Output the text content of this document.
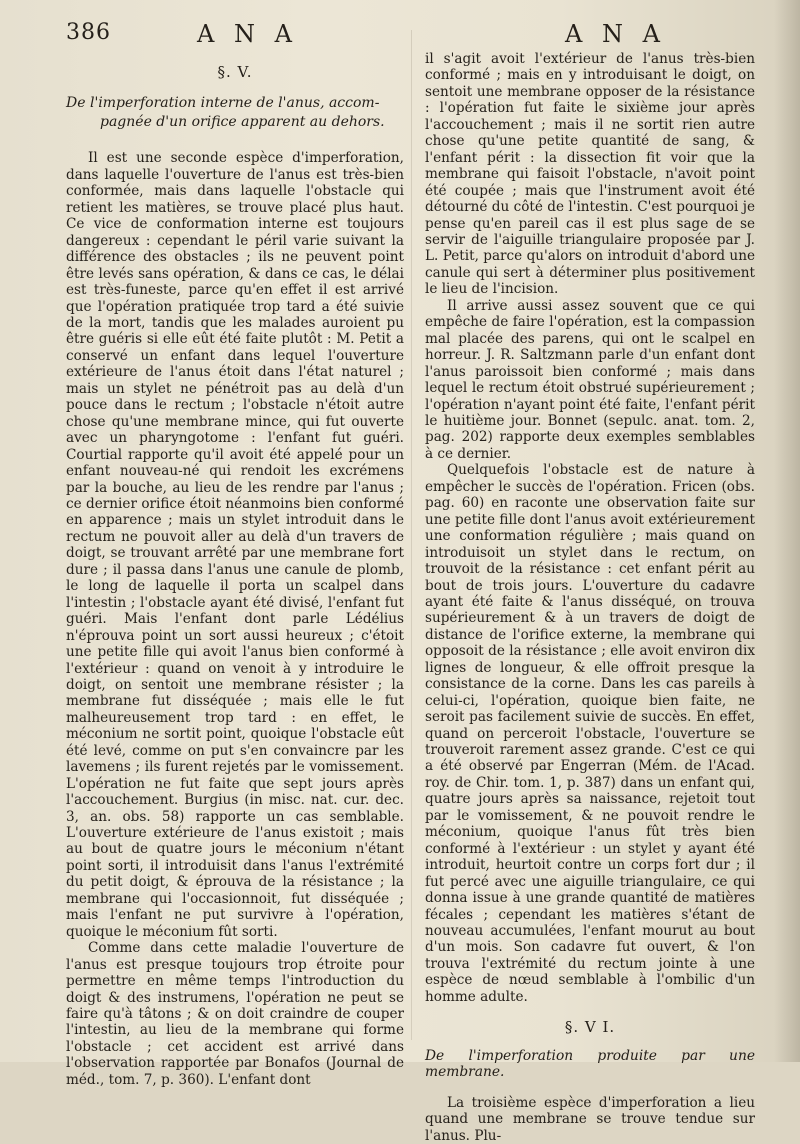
386	A N A	A N A
§. V.
De l'imperforation interne de l'anus, accom-
pagnée d'un orifice apparent au dehors.

Il est une seconde espèce d'imperforation, dans laquelle l'ouverture de l'anus est très-bien conformée, mais dans laquelle l'obstacle qui retient les matières, se trouve placé plus haut. Ce vice de conformation interne est toujours dangereux : cependant le péril varie suivant la différence des obstacles ; ils ne peuvent point être levés sans opération, & dans ce cas, le délai est très-funeste, parce qu'en effet il est arrivé que l'opération pratiquée trop tard a été suivie de la mort, tandis que les malades auroient pu être guéris si elle eût été faite plutôt : M. Petit a conservé un enfant dans lequel l'ouverture extérieure de l'anus étoit dans l'état naturel ; mais un stylet ne pénétroit pas au delà d'un pouce dans le rectum ; l'obstacle n'étoit autre chose qu'une membrane mince, qui fut ouverte avec un pharyngotome : l'enfant fut guéri. Courtial rapporte qu'il avoit été appelé pour un enfant nouveau-né qui rendoit les excrémens par la bouche, au lieu de les rendre par l'anus ; ce dernier orifice étoit néanmoins bien conformé en apparence ; mais un stylet introduit dans le rectum ne pouvoit aller au delà d'un travers de doigt, se trouvant arrêté par une membrane fort dure ; il passa dans l'anus une canule de plomb, le long de laquelle il porta un scalpel dans l'intestin ; l'obstacle ayant été divisé, l'enfant fut guéri. Mais l'enfant dont parle Lédélius n'éprouva point un sort aussi heureux ; c'étoit une petite fille qui avoit l'anus bien conformé à l'extérieur : quand on venoit à y introduire le doigt, on sentoit une membrane résister ; la membrane fut disséquée ; mais elle le fut malheureusement trop tard : en effet, le méconium ne sortit point, quoique l'obstacle eût été levé, comme on put s'en convaincre par les lavemens ; ils furent rejetés par le vomissement. L'opération ne fut faite que sept jours après l'accouchement. Burgius (in misc. nat. cur. dec. 3, an. obs. 58) rapporte un cas semblable. L'ouverture extérieure de l'anus existoit ; mais au bout de quatre jours le méconium n'étant point sorti, il introduisit dans l'anus l'extrémité du petit doigt, & éprouva de la résistance ; la membrane qui l'occasionnoit, fut disséquée ; mais l'enfant ne put survivre à l'opération, quoique le méconium fût sorti.

Comme dans cette maladie l'ouverture de l'anus est presque toujours trop étroite pour permettre en même temps l'introduction du doigt & des instrumens, l'opération ne peut se faire qu'à tâtons ; & on doit craindre de couper l'intestin, au lieu de la membrane qui forme l'obstacle ; cet accident est arrivé dans l'observation rapportée par Bonafos (Journal de méd., tom. 7, p. 360). L'enfant dont

il s'agit avoit l'extérieur de l'anus très-bien conformé ; mais en y introduisant le doigt, on sentoit une membrane opposer de la résistance : l'opération fut faite le sixième jour après l'accouchement ; mais il ne sortit rien autre chose qu'une petite quantité de sang, & l'enfant périt : la dissection fit voir que la membrane qui faisoit l'obstacle, n'avoit point été coupée ; mais que l'instrument avoit été détourné du côté de l'intestin. C'est pourquoi je pense qu'en pareil cas il est plus sage de se servir de l'aiguille triangulaire proposée par J. L. Petit, parce qu'alors on introduit d'abord une canule qui sert à déterminer plus positivement le lieu de l'incision.

Il arrive aussi assez souvent que ce qui empêche de faire l'opération, est la compassion mal placée des parens, qui ont le scalpel en horreur. J. R. Saltzmann parle d'un enfant dont l'anus paroissoit bien conformé ; mais dans lequel le rectum étoit obstrué supérieurement ; l'opération n'ayant point été faite, l'enfant périt le huitième jour. Bonnet (sepulc. anat. tom. 2, pag. 202) rapporte deux exemples semblables à ce dernier.

Quelquefois l'obstacle est de nature à empêcher le succès de l'opération. Fricen (obs. pag. 60) en raconte une observation faite sur une petite fille dont l'anus avoit extérieurement une conformation régulière ; mais quand on introduisoit un stylet dans le rectum, on trouvoit de la résistance : cet enfant périt au bout de trois jours. L'ouverture du cadavre ayant été faite & l'anus disséqué, on trouva supérieurement & à un travers de doigt de distance de l'orifice externe, la membrane qui opposoit de la résistance ; elle avoit environ dix lignes de longueur, & elle offroit presque la consistance de la corne. Dans les cas pareils à celui-ci, l'opération, quoique bien faite, ne seroit pas facilement suivie de succès. En effet, quand on perceroit l'obstacle, l'ouverture se trouveroit rarement assez grande. C'est ce qui a été observé par Engerran (Mém. de l'Acad. roy. de Chir. tom. 1, p. 387) dans un enfant qui, quatre jours après sa naissance, rejetoit tout par le vomissement, & ne pouvoit rendre le méconium, quoique l'anus fût très bien conformé à l'extérieur : un stylet y ayant été introduit, heurtoit contre un corps fort dur ; il fut percé avec une aiguille triangulaire, ce qui donna issue à une grande quantité de matières fécales ; cependant les matières s'étant de nouveau accumulées, l'enfant mourut au bout d'un mois. Son cadavre fut ouvert, & l'on trouva l'extrémité du rectum jointe à une espèce de nœud semblable à l'ombilic d'un homme adulte.

§. V I.
De l'imperforation produite par une membrane.

La troisième espèce d'imperforation a lieu quand une membrane se trouve tendue sur l'anus. Plu-
